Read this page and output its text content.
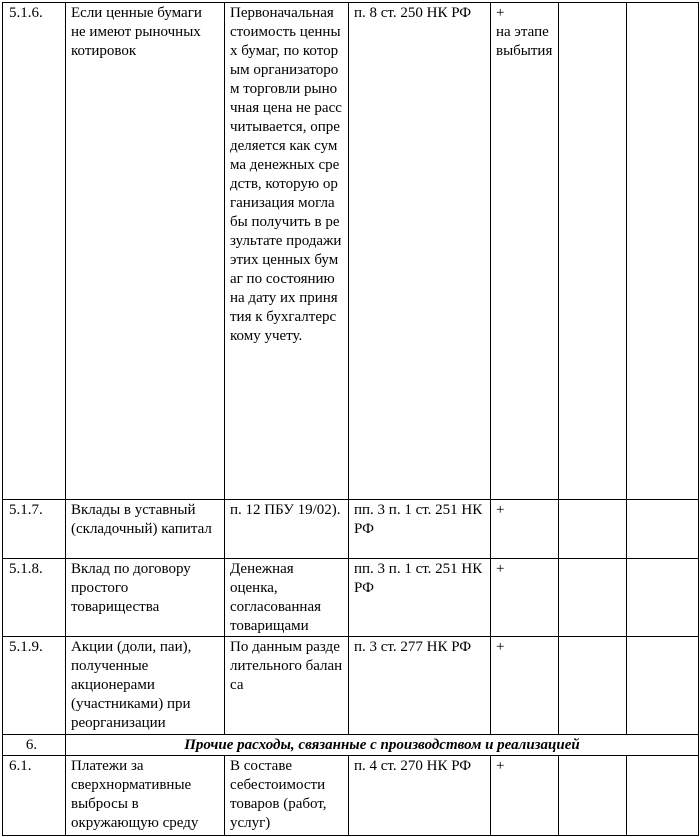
5.1.6.	Если ценные бумаги не имеют рыночных котировок	Первоначальная стоимость ценных бумаг, по которым организатором торговли рыночная цена не рассчитывается, определяется как сумма денежных средств, которую организация могла бы получить в результате продажи этих ценных бумаг по состоянию на дату их принятия к бухгалтерскому учету.	п. 8 ст. 250 НК РФ	+
на этапе выбытия		
5.1.7.	Вклады в уставный (складочный) капитал	п. 12 ПБУ 19/02).	пп. 3 п. 1 ст. 251 НК РФ	+		
5.1.8.	Вклад по договору простого товарищества	Денежная оценка, согласованная товарищами	пп. 3 п. 1 ст. 251 НК РФ	+		
5.1.9.	Акции (доли, паи), полученные акционерами (участниками) при реорганизации	По данным разделительного баланса	п. 3 ст. 277 НК РФ	+		
6.	Прочие расходы, связанные с производством и реализацией					
6.1.	Платежи за сверхнормативные выбросы в окружающую среду	В составе себестоимости товаров (работ, услуг)	п. 4 ст. 270 НК РФ	+		
